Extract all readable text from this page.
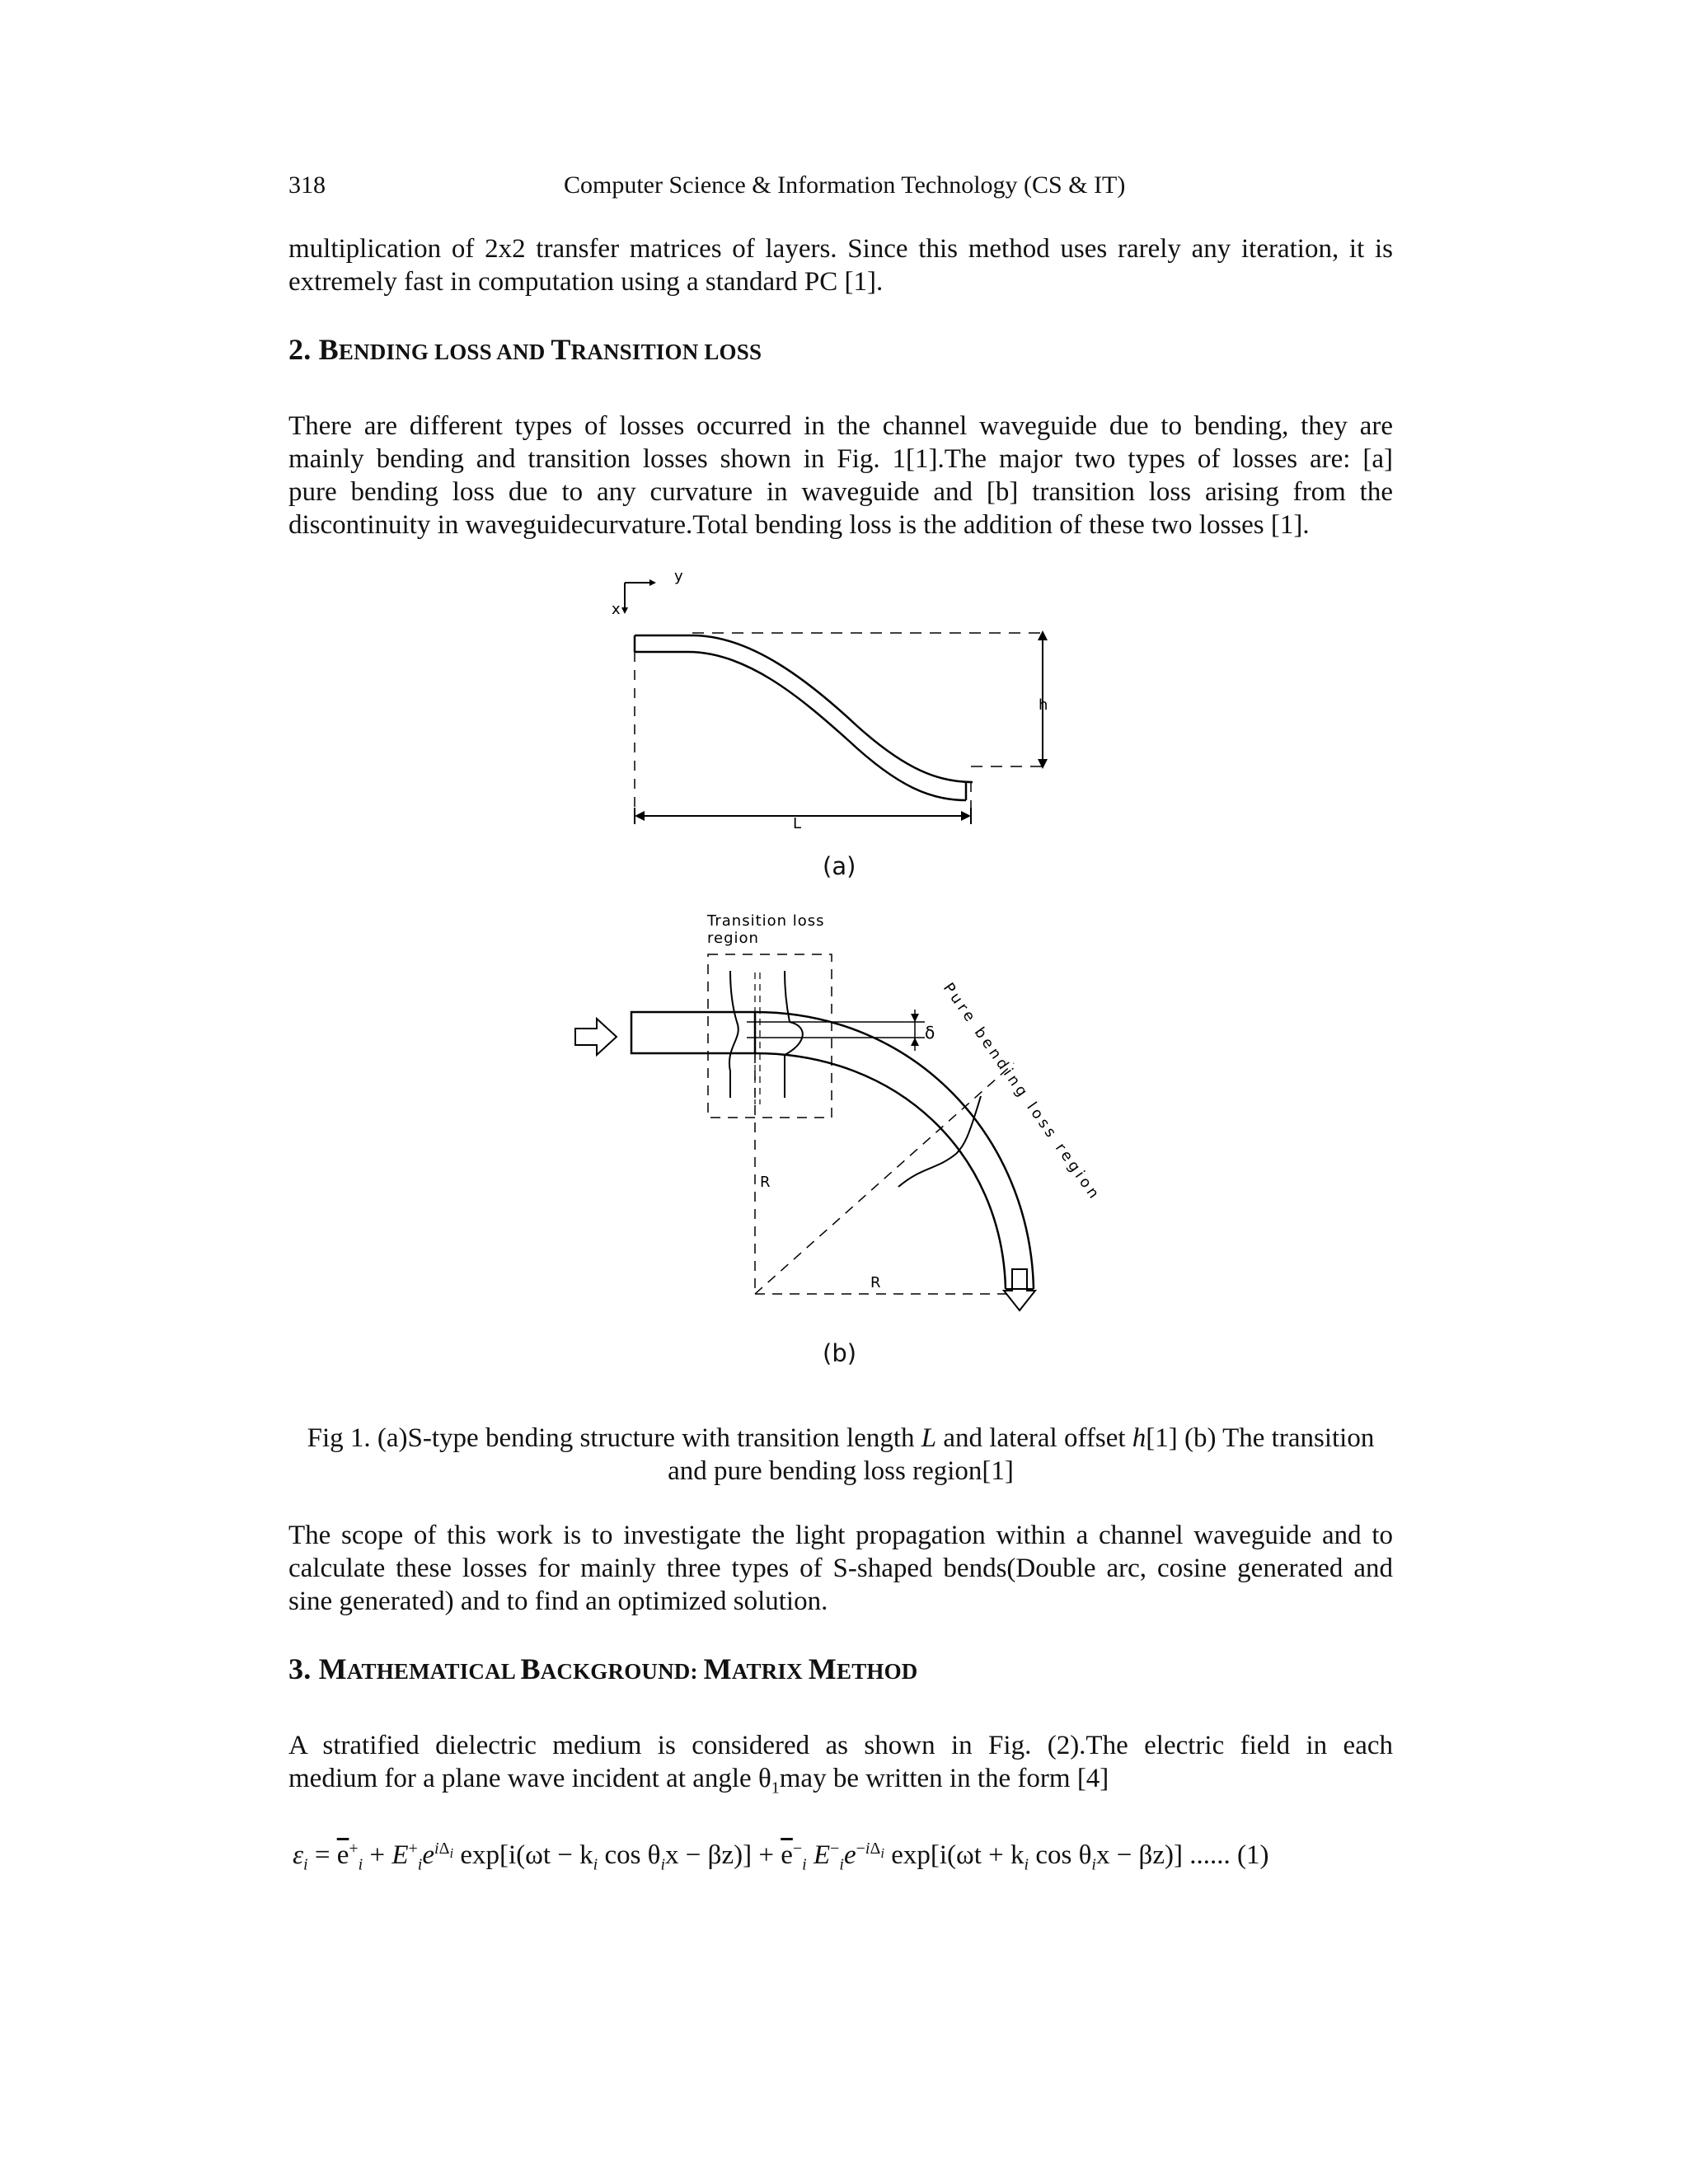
318	Computer Science & Information Technology (CS & IT)
multiplication of 2x2 transfer matrices of layers. Since this method uses rarely any iteration, it is
extremely fast in computation using a standard PC [1].
2. BENDING LOSS AND TRANSITION LOSS
There are different types of losses occurred in the channel waveguide due to bending, they are
mainly bending and transition losses shown in Fig. 1[1].The major two types of losses are: [a]
pure bending loss due to any curvature in waveguide and [b] transition loss arising from the
discontinuity in waveguidecurvature.Total bending loss is the addition of these two losses [1].
y
x
h
L
(a)
Transition loss
region
δ Pure bending loss region
R
R
(b)
Fig 1. (a)S-type bending structure with transition length L and lateral offset h[1] (b) The transition
and pure bending loss region[1]
The scope of this work is to investigate the light propagation within a channel waveguide and to
calculate these losses for mainly three types of S-shaped bends(Double arc, cosine generated and
sine generated) and to find an optimized solution.
3. MATHEMATICAL BACKGROUND: MATRIX METHOD
A stratified dielectric medium is considered as shown in Fig. (2).The electric field in each
medium for a plane wave incident at angle $\theta_1may$ be written in the form [4]
$\varepsilon_i = \overline{e}^+_i + E^+_ie^{i\Delta_i}$ $\exp[i(\omega t - k_i$ $\cos \theta_ix - \beta z)] + \overline{e}^-_i$ $E^-_ie^{-i\Delta_i}$ $\exp[i(\omega t + k_i$ $\cos \theta_ix - \beta z$)] ...... (1)
